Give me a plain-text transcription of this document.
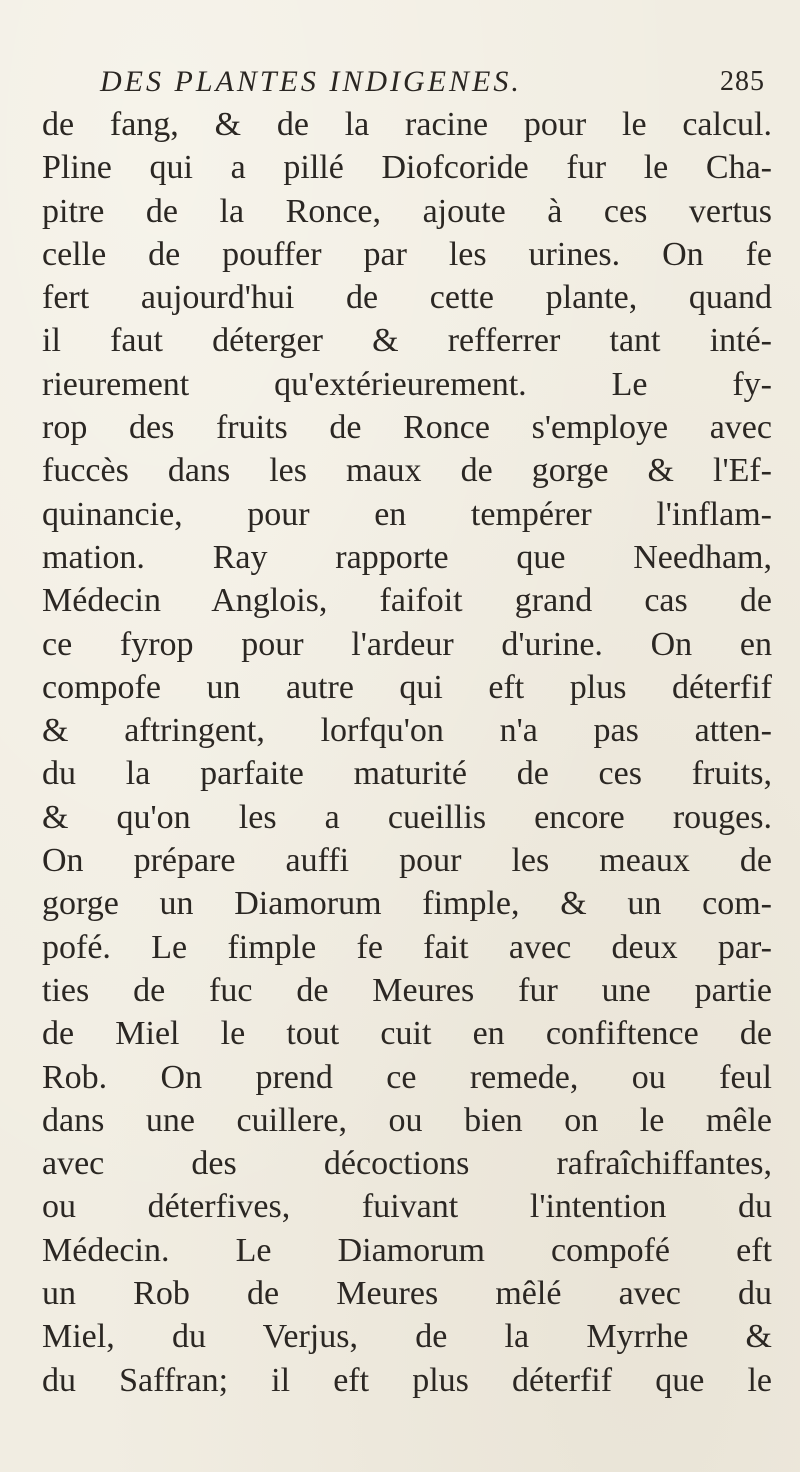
DES PLANTES INDIGENES.	285
de fang, & de la racine pour le calcul.
Pline qui a pillé Diofcoride fur le Cha-
pitre de la Ronce, ajoute à ces vertus
celle de pouffer par les urines. On fe
fert aujourd'hui de cette plante, quand
il faut déterger & refferrer tant inté-
rieurement qu'extérieurement. Le fy-
rop des fruits de Ronce s'employe avec
fuccès dans les maux de gorge & l'Ef-
quinancie, pour en tempérer l'inflam-
mation. Ray rapporte que Needham,
Médecin Anglois, faifoit grand cas de
ce fyrop pour l'ardeur d'urine. On en
compofe un autre qui eft plus déterfif
& aftringent, lorfqu'on n'a pas atten-
du la parfaite maturité de ces fruits,
& qu'on les a cueillis encore rouges.
On prépare auffi pour les meaux de
gorge un Diamorum fimple, & un com-
pofé. Le fimple fe fait avec deux par-
ties de fuc de Meures fur une partie
de Miel le tout cuit en confiftence de
Rob. On prend ce remede, ou feul
dans une cuillere, ou bien on le mêle
avec des décoctions rafraîchiffantes,
ou déterfives, fuivant l'intention du
Médecin. Le Diamorum compofé eft
un Rob de Meures mêlé avec du
Miel, du Verjus, de la Myrrhe &
du Saffran; il eft plus déterfif que le
